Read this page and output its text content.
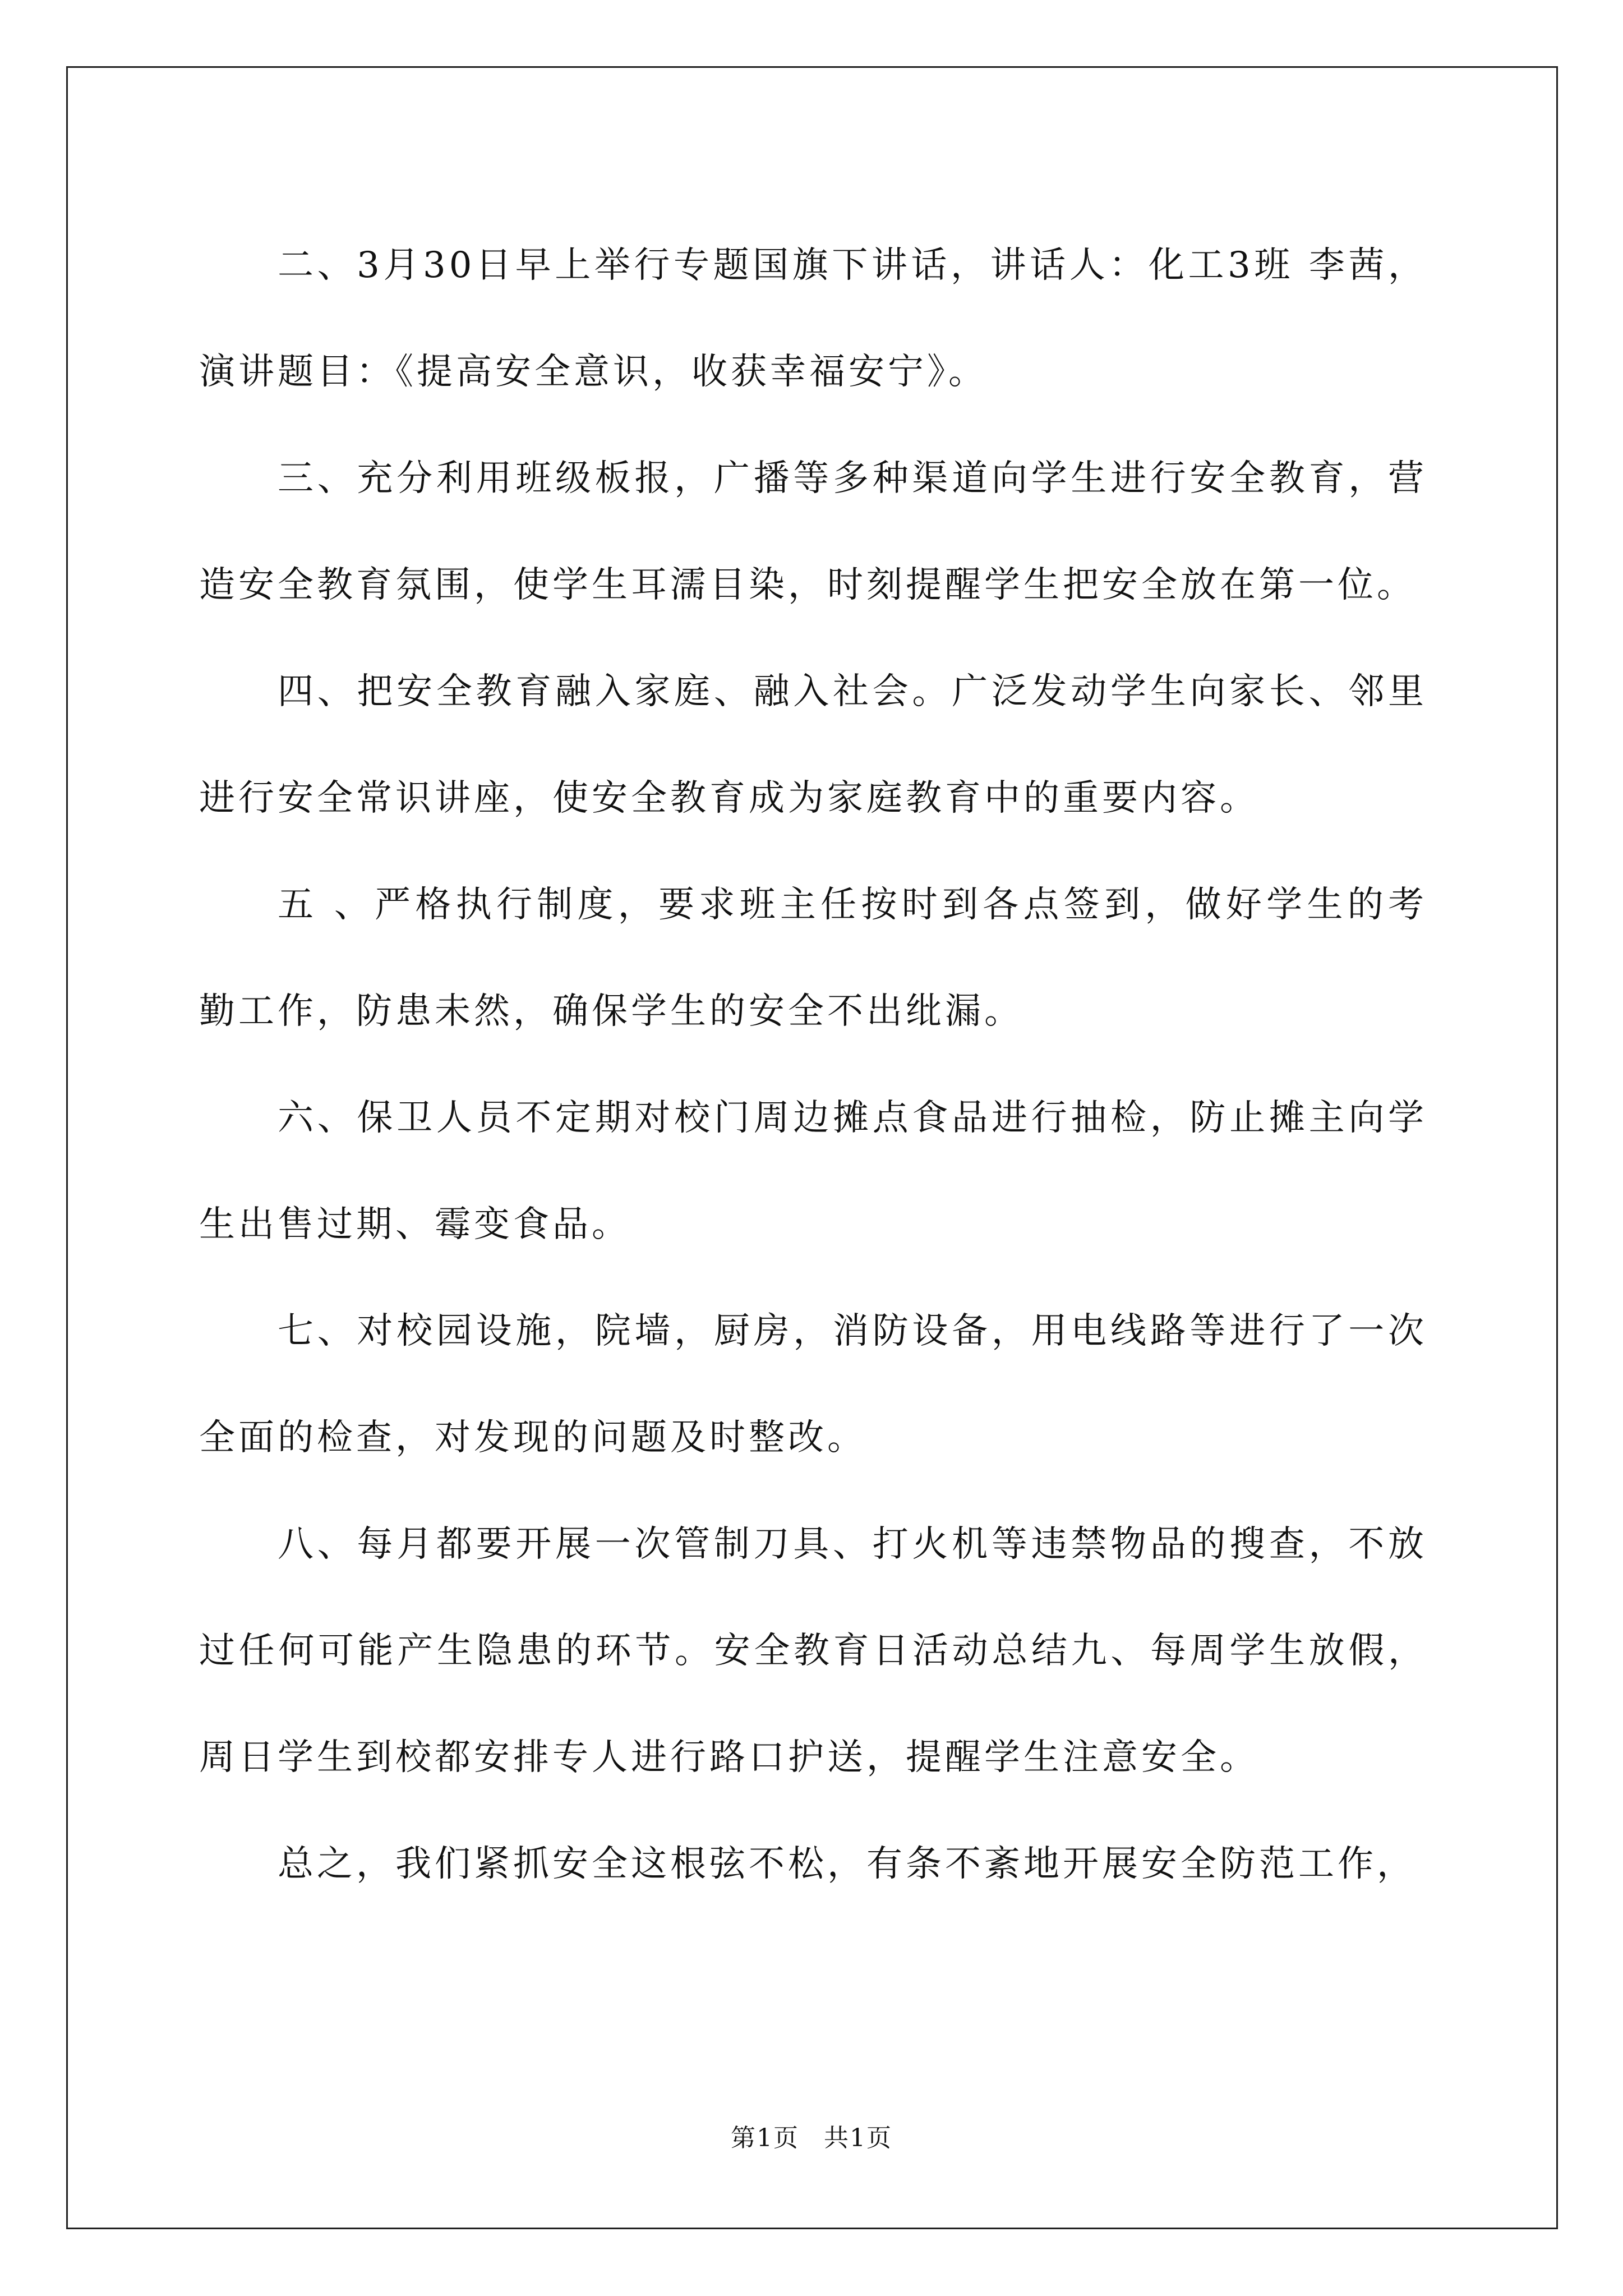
二、3月30日早上举行专题国旗下讲话，讲话人：化工3班 李茜，演讲题目：《提高安全意识，收获幸福安宁》。

三、充分利用班级板报，广播等多种渠道向学生进行安全教育，营造安全教育氛围，使学生耳濡目染，时刻提醒学生把安全放在第一位。

四、把安全教育融入家庭、融入社会。广泛发动学生向家长、邻里进行安全常识讲座，使安全教育成为家庭教育中的重要内容。

五 、严格执行制度，要求班主任按时到各点签到，做好学生的考勤工作，防患未然，确保学生的安全不出纰漏。

六、保卫人员不定期对校门周边摊点食品进行抽检，防止摊主向学生出售过期、霉变食品。

七、对校园设施，院墙，厨房，消防设备，用电线路等进行了一次全面的检查，对发现的问题及时整改。

八、每月都要开展一次管制刀具、打火机等违禁物品的搜查，不放过任何可能产生隐患的环节。安全教育日活动总结九、每周学生放假，周日学生到校都安排专人进行路口护送，提醒学生注意安全。

总之，我们紧抓安全这根弦不松，有条不紊地开展安全防范工作，

第1页 共1页
